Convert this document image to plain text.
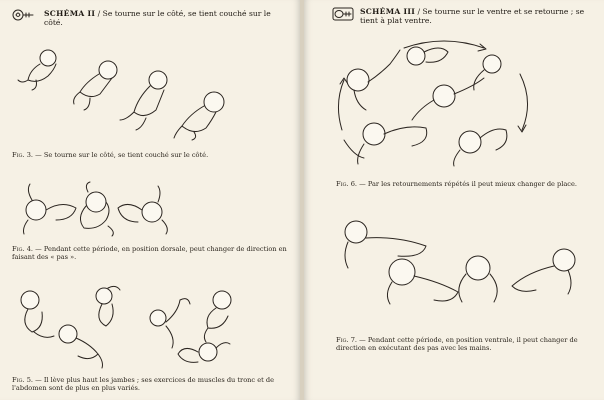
SCHÉMA II / Se tourne sur le côté, se tient couché sur le côté.
Fig. 3. — Se tourne sur le côté, se tient couché sur le côté.
Fig. 4. — Pendant cette période, en position dorsale, peut changer de direction en faisant des « pas ».
Fig. 5. — Il lève plus haut les jambes ; ses exercices de muscles du tronc et de l'abdomen sont de plus en plus variés.
SCHÉMA III / Se tourne sur le ventre et se retourne ; se tient à plat ventre.
Fig. 6. — Par les retournements répétés il peut mieux changer de place.
Fig. 7. — Pendant cette période, en position ventrale, il peut changer de direction en exécutant des pas avec les mains.
